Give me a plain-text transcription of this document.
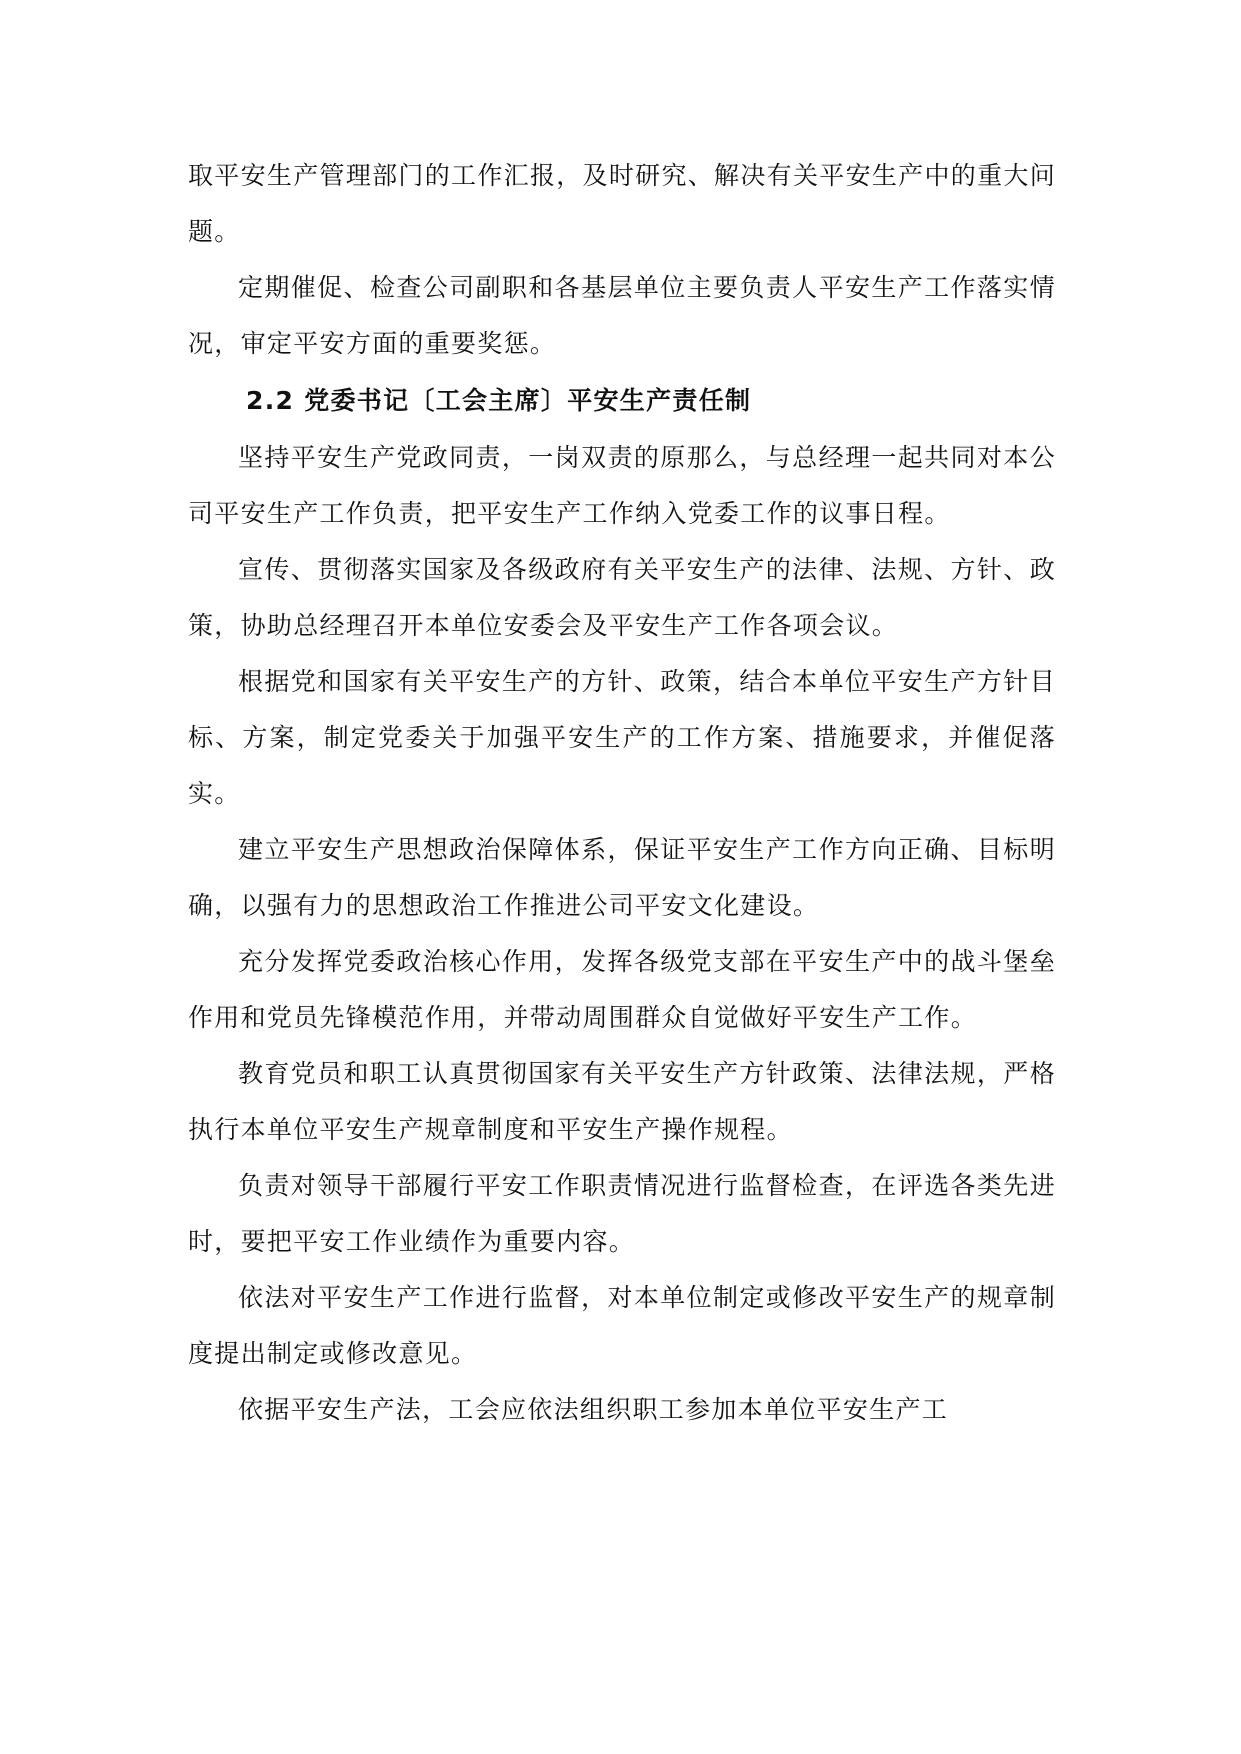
取平安生产管理部门的工作汇报，及时研究、解决有关平安生产中的重大问题。

定期催促、检查公司副职和各基层单位主要负责人平安生产工作落实情况，审定平安方面的重要奖惩。

2.2 党委书记〔工会主席〕平安生产责任制

坚持平安生产党政同责，一岗双责的原那么，与总经理一起共同对本公司平安生产工作负责，把平安生产工作纳入党委工作的议事日程。

宣传、贯彻落实国家及各级政府有关平安生产的法律、法规、方针、政策，协助总经理召开本单位安委会及平安生产工作各项会议。

根据党和国家有关平安生产的方针、政策，结合本单位平安生产方针目标、方案，制定党委关于加强平安生产的工作方案、措施要求，并催促落实。

建立平安生产思想政治保障体系，保证平安生产工作方向正确、目标明确，以强有力的思想政治工作推进公司平安文化建设。

充分发挥党委政治核心作用，发挥各级党支部在平安生产中的战斗堡垒作用和党员先锋模范作用，并带动周围群众自觉做好平安生产工作。

教育党员和职工认真贯彻国家有关平安生产方针政策、法律法规，严格执行本单位平安生产规章制度和平安生产操作规程。

负责对领导干部履行平安工作职责情况进行监督检查，在评选各类先进时，要把平安工作业绩作为重要内容。

依法对平安生产工作进行监督，对本单位制定或修改平安生产的规章制度提出制定或修改意见。

依据平安生产法，工会应依法组织职工参加本单位平安生产工
